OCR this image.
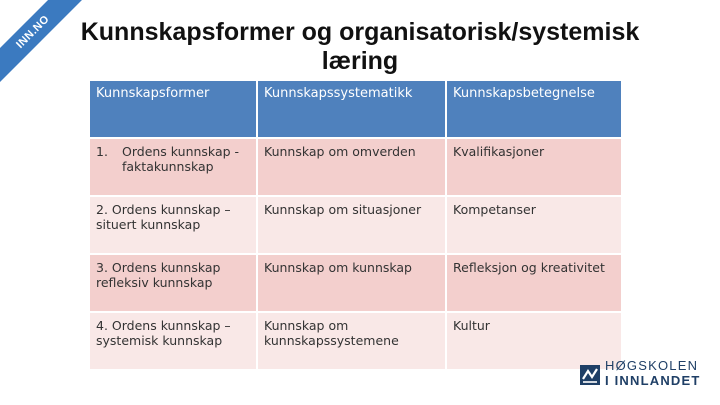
INN.NO	Kunnskapsformer og organisatorisk/systemisk læring
Kunnskapsformer	Kunnskapssystematikk	Kunnskapsbetegnelse

1. Ordens kunnskap - faktakunnskap	Kunnskap om omverden	Kvalifikasjoner
2. Ordens kunnskap – situert kunnskap	Kunnskap om situasjoner	Kompetanser
3. Ordens kunnskap refleksiv kunnskap	Kunnskap om kunnskap	Refleksjon og kreativitet
4. Ordens kunnskap – systemisk kunnskap	Kunnskap om kunnskapssystemene	Kultur
HØGSKOLEN
I INNLANDET
